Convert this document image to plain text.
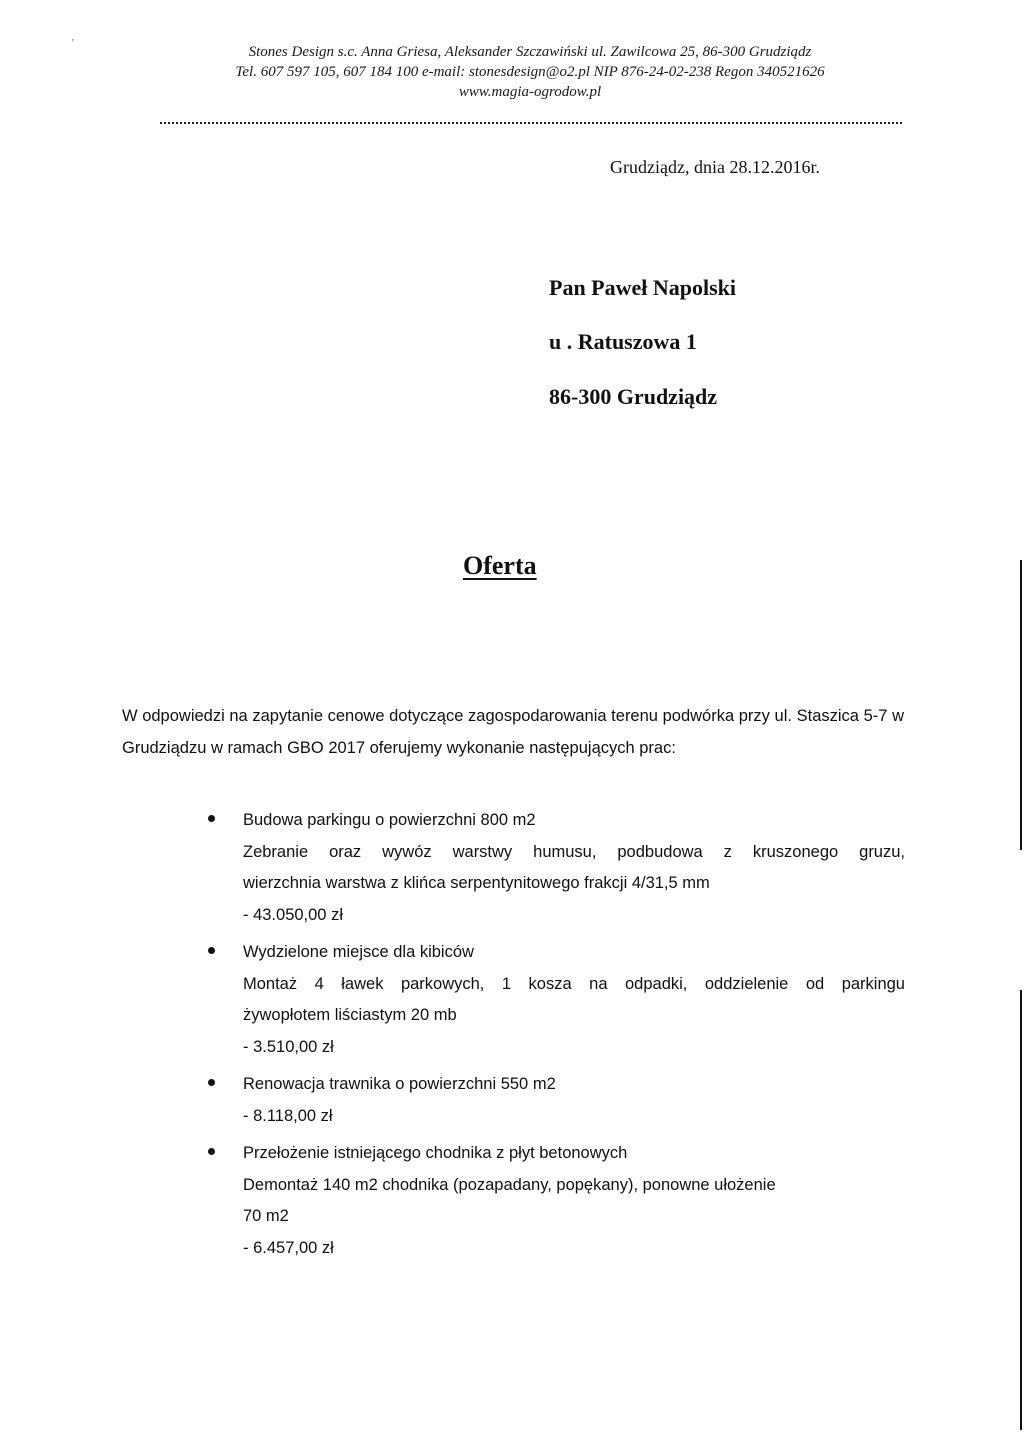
'
Stones Design s.c. Anna Griesa, Aleksander Szczawiński ul. Zawilcowa 25, 86-300 Grudziądz
Tel. 607 597 105, 607 184 100 e-mail: stonesdesign@o2.pl NIP 876-24-02-238 Regon 340521626
www.magia-ogrodow.pl
Grudziądz, dnia 28.12.2016r.
Pan Paweł Napolski
u . Ratuszowa 1
86-300 Grudziądz
Oferta
W odpowiedzi na zapytanie cenowe dotyczące zagospodarowania terenu podwórka przy ul. Staszica 5-7 w Grudziądzu w ramach GBO 2017 oferujemy wykonanie następujących prac:
Budowa parkingu o powierzchni 800 m2
Zebranie oraz wywóz warstwy humusu, podbudowa z kruszonego gruzu,
wierzchnia warstwa z klińca serpentynitowego frakcji 4/31,5 mm
- 43.050,00 zł
Wydzielone miejsce dla kibiców
Montaż 4 ławek parkowych, 1 kosza na odpadki, oddzielenie od parkingu
żywopłotem liściastym 20 mb
- 3.510,00 zł
Renowacja trawnika o powierzchni 550 m2
- 8.118,00 zł
Przełożenie istniejącego chodnika z płyt betonowych
Demontaż 140 m2 chodnika (pozapadany, popękany), ponowne ułożenie
70 m2
- 6.457,00 zł
